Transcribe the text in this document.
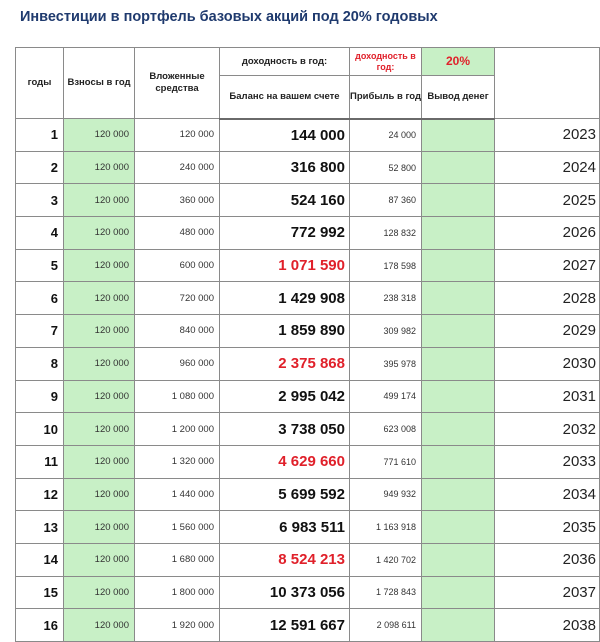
Инвестиции в портфель базовых акций под 20% годовых
годы	Взносы в год	Вложенные средства	доходность в год:	доходность в год:	20%	
			Баланс на вашем счете	Прибыль в год	Вывод денег	
1	120 000	120 000	144 000	24 000		2023
2	120 000	240 000	316 800	52 800		2024
3	120 000	360 000	524 160	87 360		2025
4	120 000	480 000	772 992	128 832		2026
5	120 000	600 000	1 071 590	178 598		2027
6	120 000	720 000	1 429 908	238 318		2028
7	120 000	840 000	1 859 890	309 982		2029
8	120 000	960 000	2 375 868	395 978		2030
9	120 000	1 080 000	2 995 042	499 174		2031
10	120 000	1 200 000	3 738 050	623 008		2032
11	120 000	1 320 000	4 629 660	771 610		2033
12	120 000	1 440 000	5 699 592	949 932		2034
13	120 000	1 560 000	6 983 511	1 163 918		2035
14	120 000	1 680 000	8 524 213	1 420 702		2036
15	120 000	1 800 000	10 373 056	1 728 843		2037
16	120 000	1 920 000	12 591 667	2 098 611		2038
